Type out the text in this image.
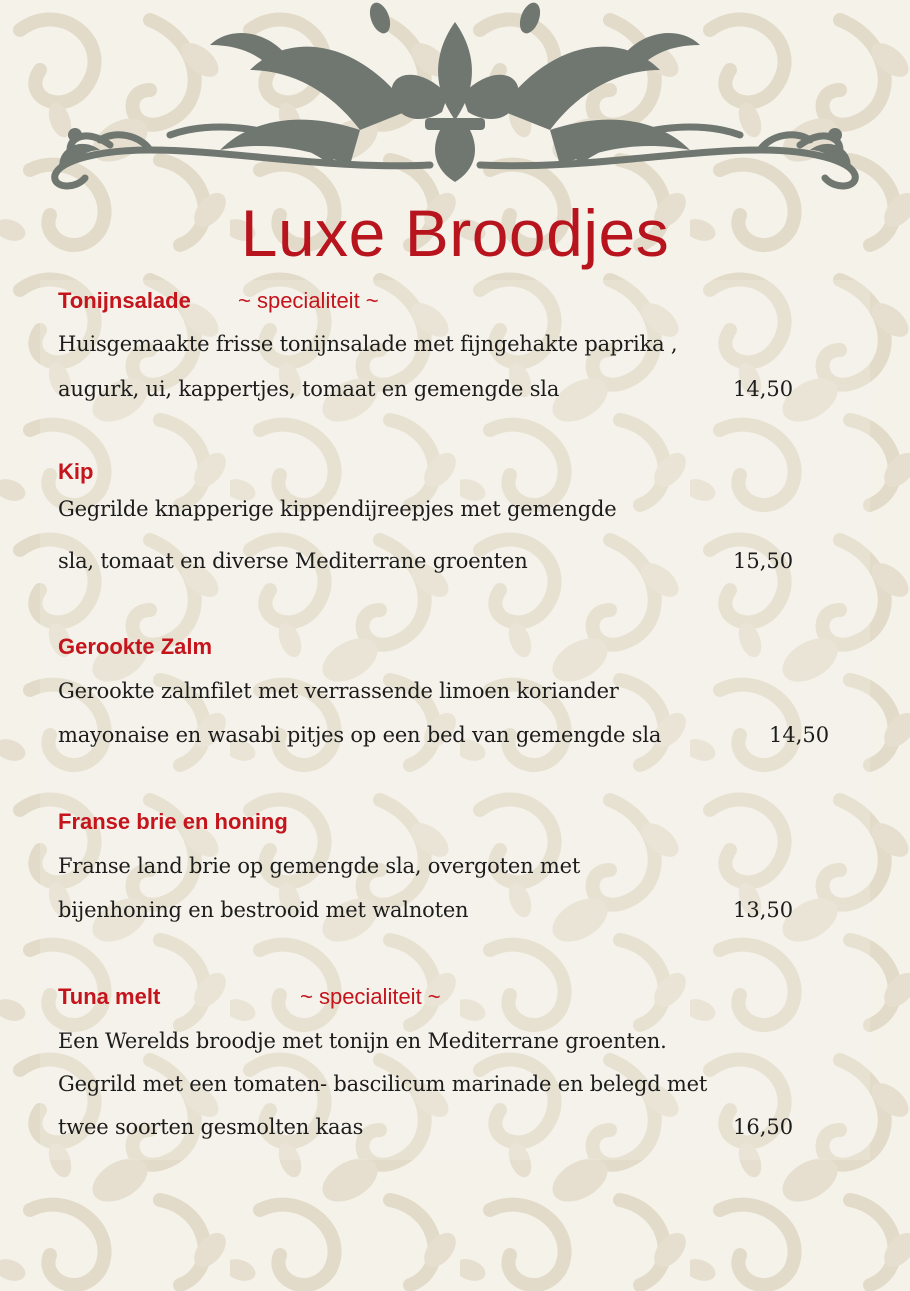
Luxe Broodjes
Tonijnsalade ~ specialiteit ~
Huisgemaakte frisse tonijnsalade met fijngehakte paprika ,
augurk, ui, kappertjes, tomaat en gemengde sla	14,50
Kip
Gegrilde knapperige kippendijreepjes met gemengde
sla, tomaat en diverse Mediterrane groenten	15,50
Gerookte Zalm
Gerookte zalmfilet met verrassende limoen koriander
mayonaise en wasabi pitjes op een bed van gemengde sla	14,50
Franse brie en honing
Franse land brie op gemengde sla, overgoten met
bijenhoning en bestrooid met walnoten	13,50
Tuna melt	~ specialiteit ~
Een Werelds broodje met tonijn en Mediterrane groenten.
Gegrild met een tomaten- bascilicum marinade en belegd met
twee soorten gesmolten kaas	16,50
